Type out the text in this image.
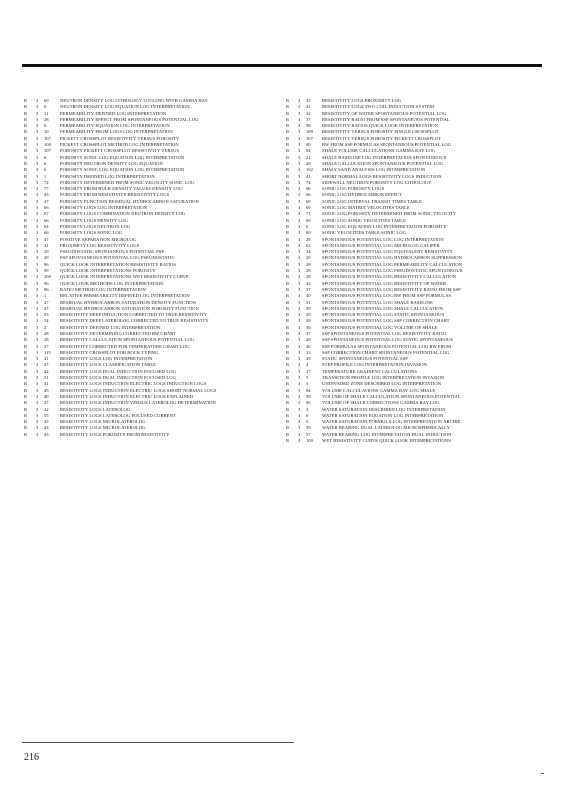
R	3	69	NEUTRON DENSITY LOG LITHOLOGY LOGGING WITH GAMMA RAY
R	3	6	NEUTRON DENSITY LOG EQUATION LOG INTERPRETATION
R	3	11	PERMEABILITY DEFINED LOG INTERPRETATION
R	3	28	PERMEABILITY EFFECT FROM SPONTANEOUS POTENTIAL LOG
R	3	6	PERMEABILITY EQUATION LOG INTERPRETATION
R	3	10	PERMEABILITY FROM LOGS LOG INTERPRETATION
R	3	107	PICKETT CROSSPLOT RESISTIVITY VERSUS POROSITY
R	3	100	PICKETT CROSSPLOT METHOD LOG INTERPRETATION
R	3	107	POROSITY PICKETT CROSSPLOT RESISTIVITY VERSUS
N	3	6	POROSITY SONIC LOG EQUATION LOG INTERPRETATION
R	3	6	POROSITY NEUTRON DENSITY LOG EQUATION
R	3	6	POROSITY SONIC LOG EQUATION LOG INTERPRETATION
R	3	1	POROSITY DEFINED LOG INTERPRETATION
R	3	72	POROSITY DETERMINED FROM SONIC VELOCITY SONIC LOG
R	3	77	POROSITY FROM BULK DENSITY VALUES DENSITY LOG
R	3	43	POROSITY FROM RESISTIVITY RESISTIVITY LOGS
R	3	47	POROSITY FUNCTION RESIDUAL HYDROCARBON SATURATION
R	3	66	POROSITY LOGS LOG INTERPRETATION
R	3	67	POROSITY LOGS COMBINATION NEUTRON DENSITY LOG
R	3	66	POROSITY LOGS DENSITY LOG
R	3	64	POROSITY LOGS NEUTRON LOG
R	3	66	POROSITY LOGS SONIC LOG
R	3	47	POSITIVE SEPARATION MICROLOG
R	3	41	PROXIMITY LOG RESISTIVITY LOGS
R	3	29	PSEUDOSTATIC SPONTANEOUS POTENTIAL PSP
R	3	29	PSP SPONTANEOUS POTENTIAL LOG PSEUDOSTATIC
R	3	96	QUICK LOOK INTERPRETATION RESISTIVITY RATIOS
R	3	99	QUICK LOOK INTERPRETATIONS POROSITY
R	3	100	QUICK LOOK INTERPRETATIONS WET RESISTIVITY CURVE
R	3	96	QUICK LOOK METHODS LOG INTERPRETATION
R	3	96	RATIO METHOD LOG INTERPRETATION
R	3	1	RELATIVE PERMEABILITY DEFINED LOG INTERPRETATION
R	3	47	RESIDUAL HYDROCARBON SATURATION DENSITY FUNCTION
R	3	47	RESIDUAL HYDROCARBON SATURATION POROSITY FUNCTION
R	3	53	RESISTIVITY DEEP INDUCTION CORRECTED TO TRUE RESISTIVITY
R	3	54	RESISTIVITY DEEP LATEROLOG CORRECTED TO TRUE RESISTIVITY
R	3	2	RESISTIVITY DEFINED LOG INTERPRETATION
R	3	28	RESISTIVITY DETERMINING CORRECTED RW CHART
R	3	28	RESISTIVITY CALCULATION SPONTANEOUS POTENTIAL LOG
R	3	27	RESISTIVITY CORRECTED FOR TEMPERATURE CHART LOG
R	3	115	RESISTIVITY CROSSPLOT FOR ROCK TYPING
R	3	41	RESISTIVITY LOGS LOG INTERPRETATION
R	3	47	RESISTIVITY LOGS CLASSIFICATION TABLE
R	3	42	RESISTIVITY LOGS DUAL INDUCTION FOCUSED LOG
R	3	51	RESISTIVITY LOGS DUAL INDUCTION FOCUSED LOG
R	3	41	RESISTIVITY LOGS INDUCTION ELECTRIC LOGS INDUCTION LOGS
R	3	49	RESISTIVITY LOGS INDUCTION ELECTRIC LOGS SHORT NORMAL LOGS
R	3	49	RESISTIVITY LOGS INDUCTION ELECTRIC LOGS EXPLAINED
R	3	47	RESISTIVITY LOGS INDUCTION VERSUS LATEROLOG DETERMINATION
R	3	42	RESISTIVITY LOGS LATEROLOG
R	3	55	RESISTIVITY LOGS LATEROLOG FOCUSED CURRENT
R	3	43	RESISTIVITY LOGS MICROLATEROLOG
R	3	43	RESISTIVITY LOGS MICROLATEROLOG
R	3	43	RESISTIVITY LOGS POROSITY FROM RESISTIVITY
R	3	43	RESISTIVITY LOGS PROXIMITY LOG
R	3	41	RESISTIVITY LOGS TWO COIL INDUCTION SYSTEM
R	3	32	RESISTIVITY OF WATER SPONTANEOUS POTENTIAL LOG
R	3	37	RESISTIVITY RATIO FROM SSP SPONTANEOUS POTENTIAL
R	3	98	RESISTIVITY RATIOS QUICK LOOK INTERPRETATION
R	3	109	RESISTIVITY VERSUS POROSITY SINGLE CROSSPLOT
R	3	107	RESISTIVITY VERSUS POROSITY PICKETT CROSSPLOT
R	3	40	RW FROM SSP FORMULAS SPONTANEOUS POTENTIAL LOG
R	3	94	SHALE VOLUME CALCULATIONS GAMMA RAY LOG
R	3	21	SHALE BASELINE LOG INTERPRETATION SPONTANEOUS
R	3	29	SHALE CALCULATION SPONTANEOUS POTENTIAL LOG
R	3	102	SHALY SAND ANALYSIS LOG INTERPRETATION
R	3	41	SHORT NORMAL LOGS RESISTIVITY LOGS INDUCTION
R	3	74	SIDEWALL NEUTRON POROSITY LOG LITHOLOGY
R	3	66	SONIC LOG POROSITY LOGS
R	3	66	SONIC LOG HYDROCARBON EFFECT
R	3	69	SONIC LOG INTERVAL TRANSIT TIMES TABLE
R	3	69	SONIC LOG MATRIX VELOCITIES TABLE
R	3	71	SONIC LOG POROSITY DETERMINED FROM SONIC VELOCITY
R	3	69	SONIC LOG SONIC VELOCITIES TABLE
R	3	6	SONIC LOG EQUATION LOG INTERPRETATION POROSITY
R	3	69	SONIC VELOCITIES TABLE SONIC LOG
R	3	28	SPONTANEOUS POTENTIAL LOG LOG INTERPRETATION
R	3	63	SPONTANEOUS POTENTIAL LOG MICROLOG CALIPER
R	3	34	SPONTANEOUS POTENTIAL LOG EQUIVALENT RESISTIVITY
R	3	29	SPONTANEOUS POTENTIAL LOG HYDROCARBON SUPPRESSION
R	3	28	SPONTANEOUS POTENTIAL LOG PERMEABILITY CALCULATION
R	3	29	SPONTANEOUS POTENTIAL LOG PSEUDOSTATIC SPONTANEOUS
R	3	28	SPONTANEOUS POTENTIAL LOG RESISTIVITY CALCULATION
R	3	32	SPONTANEOUS POTENTIAL LOG RESISTIVITY OF WATER
R	3	37	SPONTANEOUS POTENTIAL LOG RESISTIVITY RATIO FROM SSP
R	3	40	SPONTANEOUS POTENTIAL LOG RW FROM SSP FORMULAS
R	3	31	SPONTANEOUS POTENTIAL LOG SHALE BASELINE
R	3	29	SPONTANEOUS POTENTIAL LOG SHALE CALCULATION
R	3	29	SPONTANEOUS POTENTIAL LOG STATIC SPONTANEOUS
R	3	29	SPONTANEOUS POTENTIAL LOG SSP CORRECTION CHART
R	3	30	SPONTANEOUS POTENTIAL LOG VOLUME OF SHALE
R	3	37	SSP SPONTANEOUS POTENTIAL LOG RESISTIVITY RATIO
R	3	29	SSP SPONTANEOUS POTENTIAL LOG STATIC SPONTANEOUS
R	3	40	SSP FORMULAS SPONTANEOUS POTENTIAL LOG RW FROM
R	3	33	SSP CORRECTION CHART SPONTANEOUS POTENTIAL LOG
R	3	29	STATIC SPONTANEOUS POTENTIAL SSP
R	3	4	STEP PROFILE LOG INTERPRETATION INVASION
R	3	27	TEMPERATURE GRADIENT CALCULATIONS
R	3	5	TRANSITION PROFILE LOG INTERPRETATION INVASION
R	3	3	UNINVADED ZONE DESCRIBED LOG INTERPRETATION
R	3	94	VOLUME CALCULATIONS GAMMA RAY LOG SHALE
R	3	30	VOLUME OF SHALE CALCULATION SPONTANEOUS POTENTIAL
R	3	95	VOLUME OF SHALE CORRECTIONS GAMMA RAY LOG
R	3	3	WATER SATURATION DESCRIBED LOG INTERPRETATION
R	3	6	WATER SATURATION EQUATION LOG INTERPRETATION
R	3	5	WATER SATURATION FORMULA LOG INTERPRETATION ARCHIE
R	3	59	WATER BEARING DUAL LATEROLOG MICROSPHERICALLY
R	3	57	WATER BEARING LOG INTERPRETATION DUAL INDUCTION
R	3	100	WET RESISTIVITY CURVE QUICK LOOK INTERPRETATIONS
216
